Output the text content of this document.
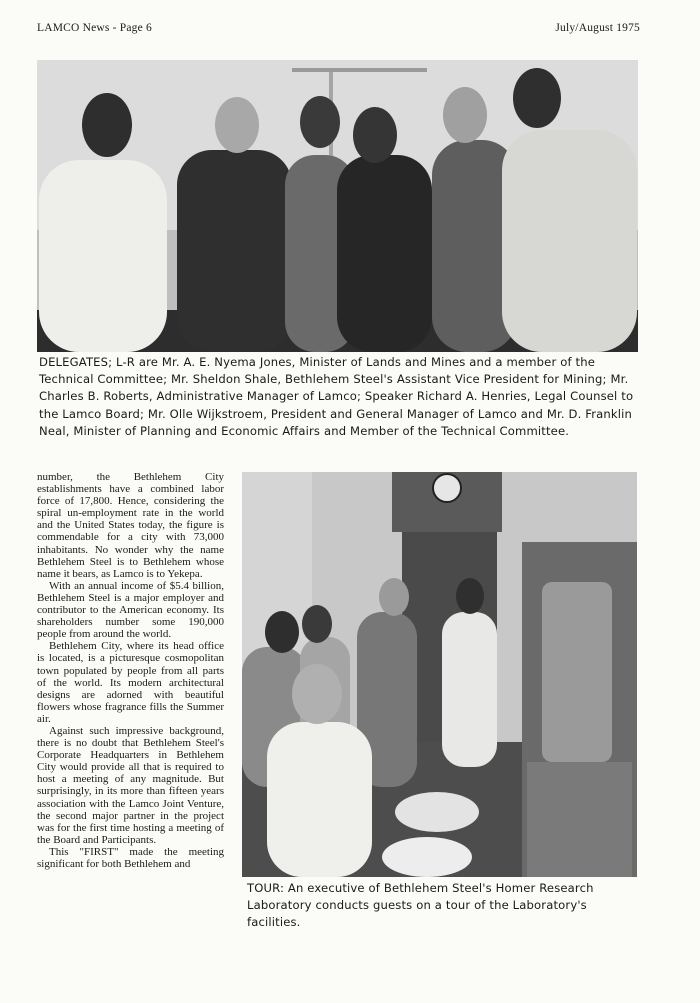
LAMCO News - Page 6	July/August 1975
DELEGATES; L-R are Mr. A. E. Nyema Jones, Minister of Lands and Mines and a member of the Technical Committee; Mr. Sheldon Shale, Bethlehem Steel's Assistant Vice President for Mining; Mr. Charles B. Roberts, Administrative Manager of Lamco; Speaker Richard A. Henries, Legal Counsel to the Lamco Board; Mr. Olle Wijkstroem, President and General Manager of Lamco and Mr. D. Franklin Neal, Minister of Planning and Economic Affairs and Member of the Technical Committee.

number, the Bethlehem City establishments have a combined labor force of 17,800. Hence, considering the spiral un-employment rate in the world and the United States today, the figure is commendable for a city with 73,000 inhabitants. No wonder why the name Bethlehem Steel is to Bethlehem whose name it bears, as Lamco is to Yekepa.

With an annual income of $5.4 billion, Bethlehem Steel is a major employer and contributor to the American economy. Its shareholders number some 190,000 people from around the world.

Bethlehem City, where its head office is located, is a picturesque cosmopolitan town populated by people from all parts of the world. Its modern architectural designs are adorned with beautiful flowers whose fragrance fills the Summer air.

Against such impressive background, there is no doubt that Bethlehem Steel's Corporate Headquarters in Bethlehem City would provide all that is required to host a meeting of any magnitude. But surprisingly, in its more than fifteen years association with the Lamco Joint Venture, the second major partner in the project was for the first time hosting a meeting of the Board and Participants.

This "FIRST" made the meeting significant for both Bethlehem and

TOUR: An executive of Bethlehem Steel's Homer Research Laboratory conducts guests on a tour of the Laboratory's facilities.
